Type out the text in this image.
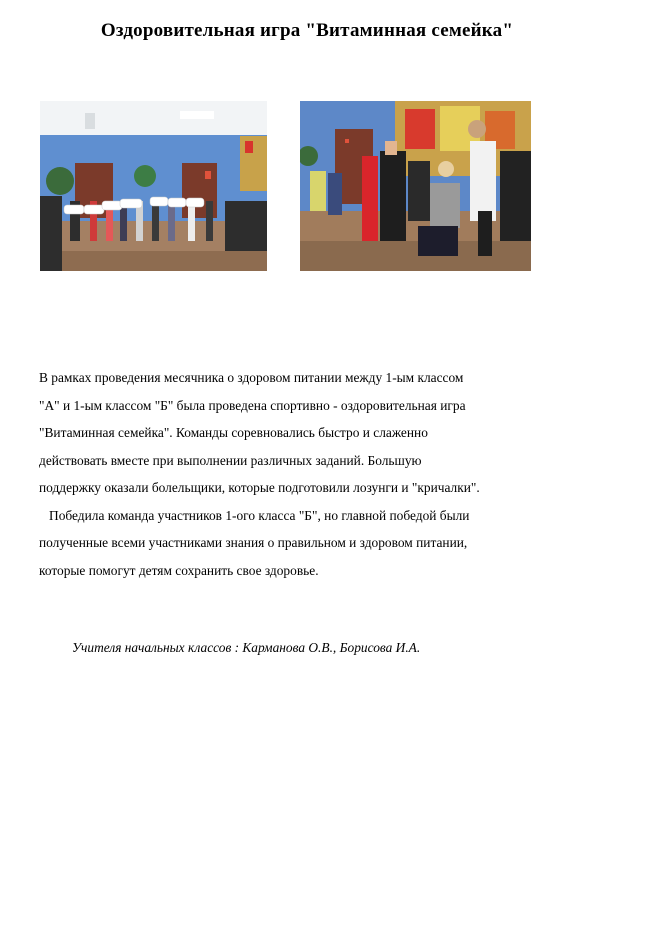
Оздоровительная игра "Витаминная семейка"
В рамках проведения месячника о здоровом питании между 1-ым классом
"А" и 1-ым классом "Б" была проведена спортивно - оздоровительная игра
"Витаминная семейка". Команды соревновались быстро и слаженно
действовать вместе при выполнении различных заданий. Большую
поддержку оказали болельщики, которые подготовили лозунги и "кричалки".
Победила команда участников 1-ого класса "Б", но главной победой были
полученные всеми участниками знания о правильном и здоровом питании,
которые помогут детям сохранить свое здоровье.
Учителя начальных классов : Карманова О.В., Борисова И.А.
